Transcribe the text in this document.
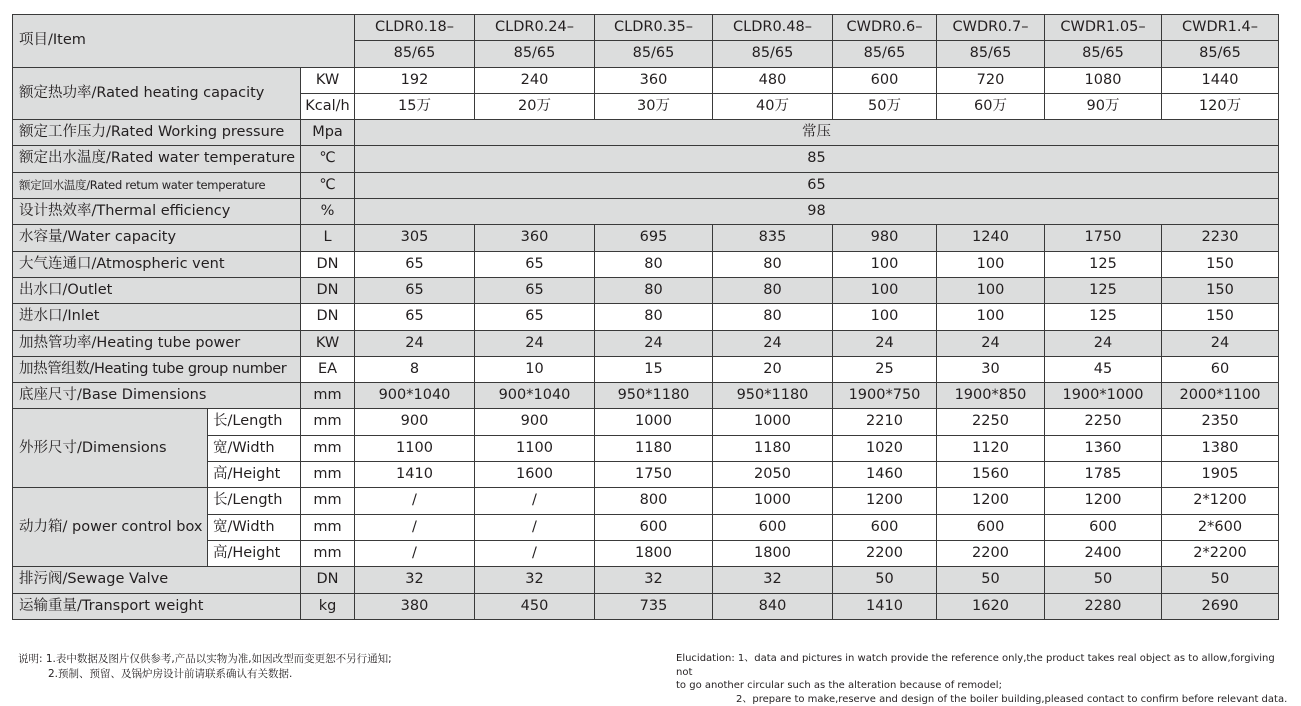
项目/Item			CLDR0.18–	CLDR0.24–	CLDR0.35–	CLDR0.48–	CWDR0.6–	CWDR0.7–	CWDR1.05–	CWDR1.4–
			85/65	85/65	85/65	85/65	85/65	85/65	85/65	85/65
额定热功率/Rated heating capacity		KW	192	240	360	480	600	720	1080	1440
		Kcal/h	15万	20万	30万	40万	50万	60万	90万	120万
额定工作压力/Rated Working pressure		Mpa	常压							
额定出水温度/Rated water temperature		℃	85							
额定回水温度/Rated retum water temperature		℃	65							
设计热效率/Thermal efficiency		%	98							
水容量/Water capacity		L	305	360	695	835	980	1240	1750	2230
大气连通口/Atmospheric vent		DN	65	65	80	80	100	100	125	150
出水口/Outlet		DN	65	65	80	80	100	100	125	150
进水口/Inlet		DN	65	65	80	80	100	100	125	150
加热管功率/Heating tube power		KW	24	24	24	24	24	24	24	24
加热管组数/Heating tube group number		EA	8	10	15	20	25	30	45	60
底座尺寸/Base Dimensions		mm	900*1040	900*1040	950*1180	950*1180	1900*750	1900*850	1900*1000	2000*1100
外形尺寸/Dimensions	长/Length	mm	900	900	1000	1000	2210	2250	2250	2350
	宽/Width	mm	1100	1100	1180	1180	1020	1120	1360	1380
	高/Height	mm	1410	1600	1750	2050	1460	1560	1785	1905
动力箱/ power control box	长/Length	mm	/	/	800	1000	1200	1200	1200	2*1200
	宽/Width	mm	/	/	600	600	600	600	600	2*600
	高/Height	mm	/	/	1800	1800	2200	2200	2400	2*2200
排污阀/Sewage Valve		DN	32	32	32	32	50	50	50	50
运输重量/Transport weight		kg	380	450	735	840	1410	1620	2280	2690
说明: 1.表中数据及图片仅供参考,产品以实物为准,如因改型而变更恕不另行通知;
2.预制、预留、及锅炉房设计前请联系确认有关数据.
Elucidation: 1、data and pictures in watch provide the reference only,the product takes real object as to allow,forgiving not
to go another circular such as the alteration because of remodel;
2、prepare to make,reserve and design of the boiler building,pleased contact to confirm before relevant data.
